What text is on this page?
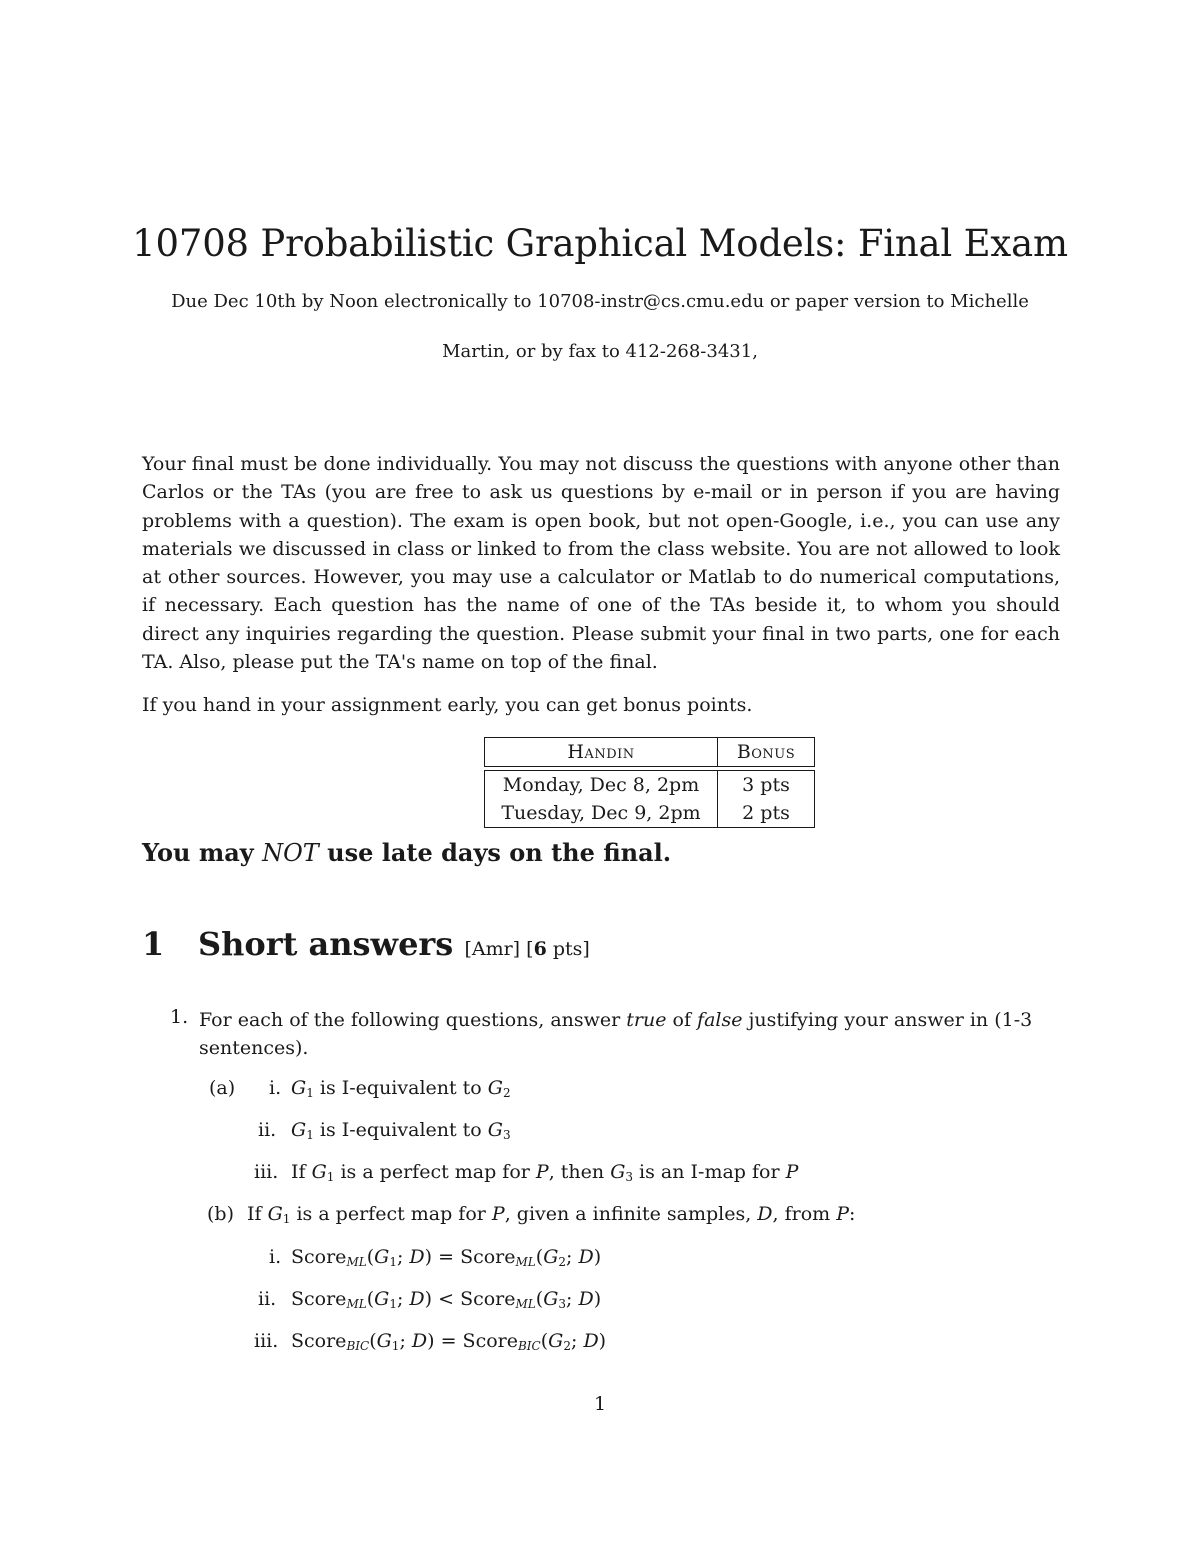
10708 Probabilistic Graphical Models: Final Exam
Due Dec 10th by Noon electronically to 10708-instr@cs.cmu.edu or paper version to Michelle
Martin, or by fax to 412-268-3431,
Your final must be done individually. You may not discuss the questions with anyone other than Carlos or the TAs (you are free to ask us questions by e-mail or in person if you are having problems with a question). The exam is open book, but not open-Google, i.e., you can use any materials we discussed in class or linked to from the class website. You are not allowed to look at other sources. However, you may use a calculator or Matlab to do numerical computations, if necessary. Each question has the name of one of the TAs beside it, to whom you should direct any inquiries regarding the question. Please submit your final in two parts, one for each TA. Also, please put the TA's name on top of the final.
If you hand in your assignment early, you can get bonus points.
Handin	Bonus

Monday, Dec 8, 2pm	3 pts
Tuesday, Dec 9, 2pm	2 pts
You may NOT use late days on the final.
1 Short answers [Amr] [6 pts]
1. For each of the following questions, answer true of false justifying your answer in (1-3 sentences).
(a) i. $G_1$ is I-equivalent to $G_2$
ii. $G_1$ is I-equivalent to $G_3$
iii. If $G_1$ is a perfect map for P, then $G_3$ is an I-map for P
(b) If $G_1$ is a perfect map for P, given a infinite samples, D, from P:
i. $Score_{ML}(G_1$; $D) = Score_{ML}(G_2$; D)
ii. $Score_{ML}(G_1$; $D) < Score_{ML}(G_3$; D)
iii. $Score_{BIC}(G_1$; $D) = Score_{BIC}(G_2$; D)
1
